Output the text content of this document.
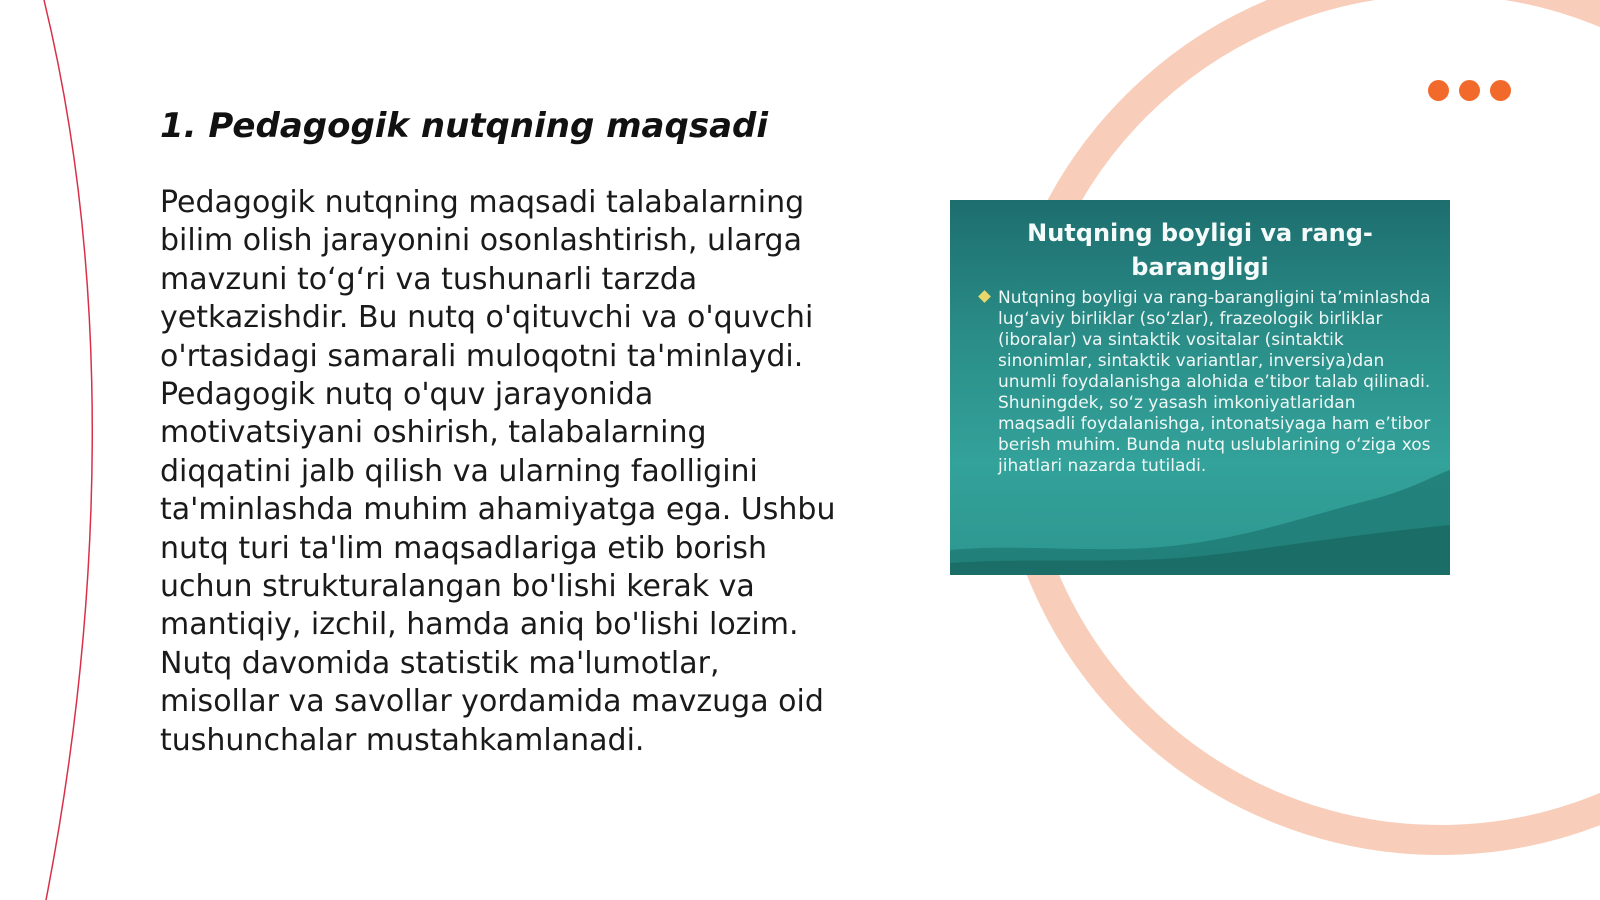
1. Pedagogik nutqning maqsadi

Pedagogik nutqning maqsadi talabalarning bilim olish jarayonini osonlashtirish, ularga mavzuni to‘g‘ri va tushunarli tarzda yetkazishdir. Bu nutq o'qituvchi va o'quvchi o'rtasidagi samarali muloqotni ta'minlaydi. Pedagogik nutq o'quv jarayonida motivatsiyani oshirish, talabalarning diqqatini jalb qilish va ularning faolligini ta'minlashda muhim ahamiyatga ega. Ushbu nutq turi ta'lim maqsadlariga etib borish uchun strukturalangan bo'lishi kerak va mantiqiy, izchil, hamda aniq bo'lishi lozim. Nutq davomida statistik ma'lumotlar, misollar va savollar yordamida mavzuga oid tushunchalar mustahkamlanadi.

Nutqning boyligi va rang-barangligi
Nutqning boyligi va rang-barangligini ta’minlashda lug‘aviy birliklar (so‘zlar), frazeologik birliklar (iboralar) va sintaktik vositalar (sintaktik sinonimlar, sintaktik variantlar, inversiya)dan unumli foydalanishga alohida e’tibor talab qilinadi. Shuningdek, so‘z yasash imkoniyatlaridan maqsadli foydalanishga, intonatsiyaga ham e’tibor berish muhim. Bunda nutq uslublarining o‘ziga xos jihatlari nazarda tutiladi.
